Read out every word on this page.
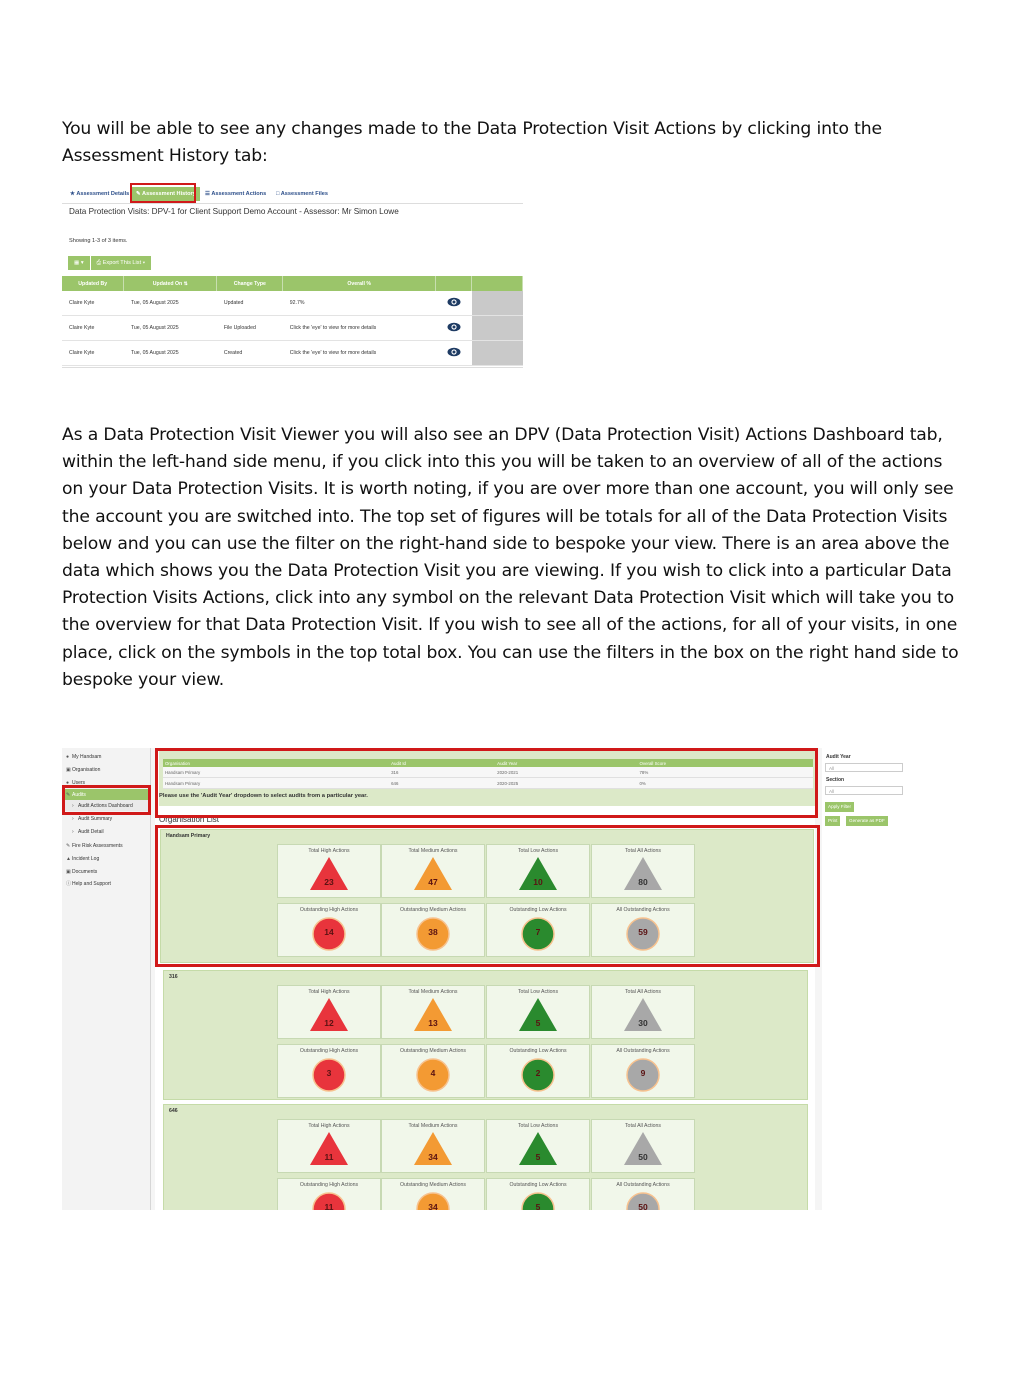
You will be able to see any changes made to the Data Protection Visit Actions by clicking into the Assessment History tab:

★ Assessment Details	✎ Assessment History	☰ Assessment Actions	□ Assessment Files
Data Protection Visits: DPV-1 for Client Support Demo Account - Assessor: Mr Simon Lowe
Showing 1-3 of 3 items.
▦ ▾	⎙ Export This List ▾
Updated By	Updated On ⇅	Change Type	Overall %		
Claire Kyte	Tue, 05 August 2025	Updated	92.7%		
Claire Kyte	Tue, 05 August 2025	File Uploaded	Click the 'eye' to view for more details		
Claire Kyte	Tue, 05 August 2025	Created	Click the 'eye' to view for more details		

As a Data Protection Visit Viewer you will also see an DPV (Data Protection Visit) Actions Dashboard tab, within the left-hand side menu, if you click into this you will be taken to an overview of all of the actions on your Data Protection Visits. It is worth noting, if you are over more than one account, you will only see the account you are switched into. The top set of figures will be totals for all of the Data Protection Visits below and you can use the filter on the right-hand side to bespoke your view. There is an area above the data which shows you the Data Protection Visit you are viewing. If you wish to click into a particular Data Protection Visits Actions, click into any symbol on the relevant Data Protection Visit which will take you to the overview for that Data Protection Visit. If you wish to see all of the actions, for all of your visits, in one place, click on the symbols in the top total box. You can use the filters in the box on the right hand side to bespoke your view.

● My Handsam
▣Organisation
● Users
✎ Audits
› Audit Actions Dashboard
› Audit Summary
› Audit Detail
✎ Fire Risk Assessments
▲Incident Log
▣Documents
ⓘHelp and Support
Organisation	Audit Id	Audit Year	Overall Score
Handsam Primary	316	2020-2021	78%
Handsam Primary	646	2020-2025	0%
Please use the 'Audit Year' dropdown to select audits from a particular year.
Organisation List
Audit Year
All
Section
All
Apply Filter
Print	Generate as PDF
Handsam Primary
Total High Actions
23
Total Medium Actions
47
Total Low Actions
10
Total All Actions
80
Outstanding High Actions
14
Outstanding Medium Actions
38
Outstanding Low Actions
7
All Outstanding Actions
59
316
Total High Actions
12
Total Medium Actions
13
Total Low Actions
5
Total All Actions
30
Outstanding High Actions
3
Outstanding Medium Actions
4
Outstanding Low Actions
2
All Outstanding Actions
9
646
Total High Actions
11
Total Medium Actions
34
Total Low Actions
5
Total All Actions
50
Outstanding High Actions
11
Outstanding Medium Actions
34
Outstanding Low Actions
5
All Outstanding Actions
50
